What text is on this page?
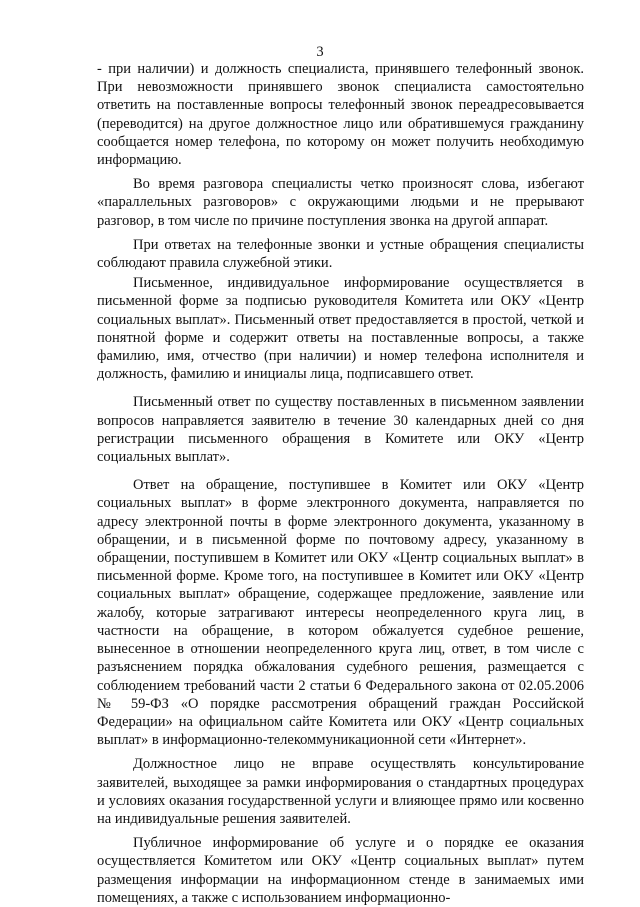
3

- при наличии) и должность специалиста, принявшего телефонный звонок. При невозможности принявшего звонок специалиста самостоятельно ответить на поставленные вопросы телефонный звонок переадресовывается (переводится) на другое должностное лицо или обратившемуся гражданину сообщается номер телефона, по которому он может получить необходимую информацию.

Во время разговора специалисты четко произносят слова, избегают «параллельных разговоров» с окружающими людьми и не прерывают разговор, в том числе по причине поступления звонка на другой аппарат.

При ответах на телефонные звонки и устные обращения специалисты соблюдают правила служебной этики.

Письменное, индивидуальное информирование осуществляется в письменной форме за подписью руководителя Комитета или ОКУ «Центр социальных выплат». Письменный ответ предоставляется в простой, четкой и понятной форме и содержит ответы на поставленные вопросы, а также фамилию, имя, отчество (при наличии) и номер телефона исполнителя и должность, фамилию и инициалы лица, подписавшего ответ.

Письменный ответ по существу поставленных в письменном заявлении вопросов направляется заявителю в течение 30 календарных дней со дня регистрации письменного обращения в Комитете или ОКУ «Центр социальных выплат».

Ответ на обращение, поступившее в Комитет или ОКУ «Центр социальных выплат» в форме электронного документа, направляется по адресу электронной почты в форме электронного документа, указанному в обращении, и в письменной форме по почтовому адресу, указанному в обращении, поступившем в Комитет или ОКУ «Центр социальных выплат» в письменной форме. Кроме того, на поступившее в Комитет или ОКУ «Центр социальных выплат» обращение, содержащее предложение, заявление или жалобу, которые затрагивают интересы неопределенного круга лиц, в частности на обращение, в котором обжалуется судебное решение, вынесенное в отношении неопределенного круга лиц, ответ, в том числе с разъяснением порядка обжалования судебного решения, размещается с соблюдением требований части 2 статьи 6 Федерального закона от 02.05.2006 № 59-ФЗ «О порядке рассмотрения обращений граждан Российской Федерации» на официальном сайте Комитета или ОКУ «Центр социальных выплат» в информационно-телекоммуникационной сети «Интернет».

Должностное лицо не вправе осуществлять консультирование заявителей, выходящее за рамки информирования о стандартных процедурах и условиях оказания государственной услуги и влияющее прямо или косвенно на индивидуальные решения заявителей.

Публичное информирование об услуге и о порядке ее оказания осуществляется Комитетом или ОКУ «Центр социальных выплат» путем размещения информации на информационном стенде в занимаемых ими помещениях, а также с использованием информационно-
